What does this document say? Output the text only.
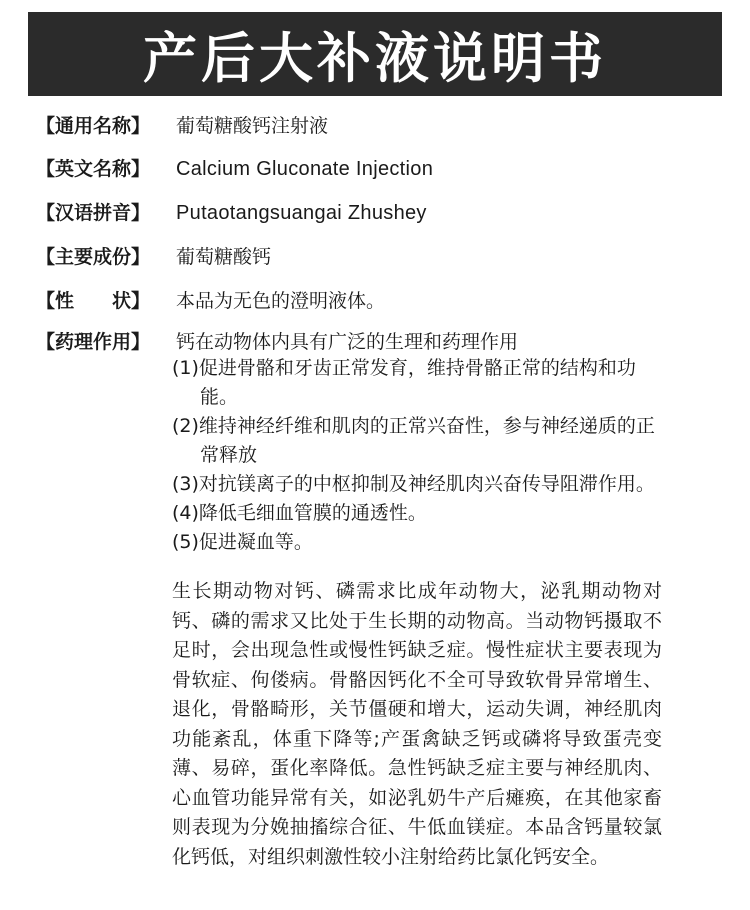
产后大补液说明书
【通用名称】	葡萄糖酸钙注射液
【英文名称】	Calcium Gluconate Injection
【汉语拼音】	Putaotangsuangai Zhushey
【主要成份】	葡萄糖酸钙
【性　　状】	本品为无色的澄明液体。
【药理作用】	钙在动物体内具有广泛的生理和药理作用
(1)促进骨骼和牙齿正常发育，维持骨骼正常的结构和功能。
(2)维持神经纤维和肌肉的正常兴奋性，参与神经递质的正常释放
(3)对抗镁离子的中枢抑制及神经肌肉兴奋传导阻滞作用。
(4)降低毛细血管膜的通透性。
(5)促进凝血等。
生长期动物对钙、磷需求比成年动物大，泌乳期动物对钙、磷的需求又比处于生长期的动物高。当动物钙摄取不足时，会出现急性或慢性钙缺乏症。慢性症状主要表现为骨软症、佝偻病。骨骼因钙化不全可导致软骨异常增生、退化，骨骼畸形，关节僵硬和增大，运动失调，神经肌肉功能紊乱，体重下降等;产蛋禽缺乏钙或磷将导致蛋壳变薄、易碎，蛋化率降低。急性钙缺乏症主要与神经肌肉、心血管功能异常有关，如泌乳奶牛产后瘫痪，在其他家畜则表现为分娩抽搐综合征、牛低血镁症。本品含钙量较氯化钙低，对组织刺激性较小注射给药比氯化钙安全。
